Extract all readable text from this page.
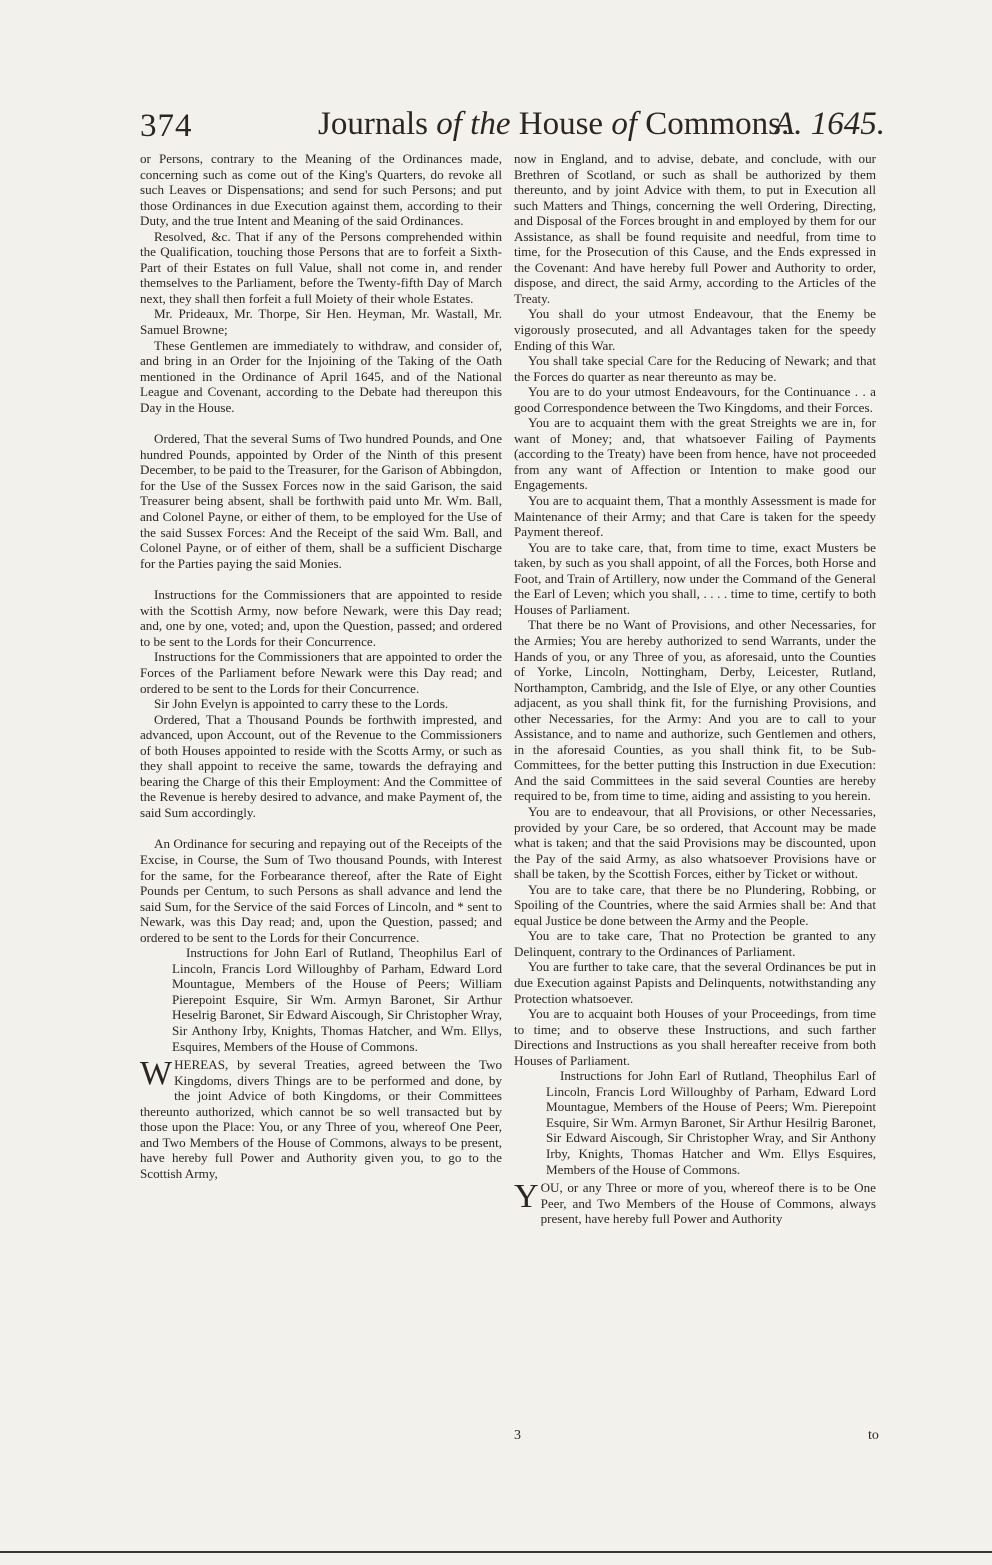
374	Journals of the House of Commons.
A. 1645.

or Persons, contrary to the Meaning of the Ordinances made, concerning such as come out of the King's Quarters, do revoke all such Leaves or Dispensations; and send for such Persons; and put those Ordinances in due Execution against them, according to their Duty, and the true Intent and Meaning of the said Ordinances.

Resolved, &c. That if any of the Persons comprehended within the Qualification, touching those Persons that are to forfeit a Sixth-Part of their Estates on full Value, shall not come in, and render themselves to the Parliament, before the Twenty-fifth Day of March next, they shall then forfeit a full Moiety of their whole Estates.

Mr. Prideaux, Mr. Thorpe, Sir Hen. Heyman, Mr. Wastall, Mr. Samuel Browne;

These Gentlemen are immediately to withdraw, and consider of, and bring in an Order for the Injoining of the Taking of the Oath mentioned in the Ordinance of April 1645, and of the National League and Covenant, according to the Debate had thereupon this Day in the House.

Ordered, That the several Sums of Two hundred Pounds, and One hundred Pounds, appointed by Order of the Ninth of this present December, to be paid to the Treasurer, for the Garison of Abbingdon, for the Use of the Sussex Forces now in the said Garison, the said Treasurer being absent, shall be forthwith paid unto Mr. Wm. Ball, and Colonel Payne, or either of them, to be employed for the Use of the said Sussex Forces: And the Receipt of the said Wm. Ball, and Colonel Payne, or of either of them, shall be a sufficient Discharge for the Parties paying the said Monies.

Instructions for the Commissioners that are appointed to reside with the Scottish Army, now before Newark, were this Day read; and, one by one, voted; and, upon the Question, passed; and ordered to be sent to the Lords for their Concurrence.

Instructions for the Commissioners that are appointed to order the Forces of the Parliament before Newark were this Day read; and ordered to be sent to the Lords for their Concurrence.

Sir John Evelyn is appointed to carry these to the Lords.

Ordered, That a Thousand Pounds be forthwith imprested, and advanced, upon Account, out of the Revenue to the Commissioners of both Houses appointed to reside with the Scotts Army, or such as they shall appoint to receive the same, towards the defraying and bearing the Charge of this their Employment: And the Committee of the Revenue is hereby desired to advance, and make Payment of, the said Sum accordingly.

An Ordinance for securing and repaying out of the Receipts of the Excise, in Course, the Sum of Two thousand Pounds, with Interest for the same, for the Forbearance thereof, after the Rate of Eight Pounds per Centum, to such Persons as shall advance and lend the said Sum, for the Service of the said Forces of Lincoln, and * sent to Newark, was this Day read; and, upon the Question, passed; and ordered to be sent to the Lords for their Concurrence.

Instructions for John Earl of Rutland, Theophilus Earl of Lincoln, Francis Lord Willoughby of Parham, Edward Lord Mountague, Members of the House of Peers; William Pierepoint Esquire, Sir Wm. Armyn Baronet, Sir Arthur Heselrig Baronet, Sir Edward Aiscough, Sir Christopher Wray, Sir Anthony Irby, Knights, Thomas Hatcher, and Wm. Ellys, Esquires, Members of the House of Commons.

WHEREAS, by several Treaties, agreed between the Two Kingdoms, divers Things are to be performed and done, by the joint Advice of both Kingdoms, or their Committees thereunto authorized, which cannot be so well transacted but by those upon the Place: You, or any Three of you, whereof One Peer, and Two Members of the House of Commons, always to be present, have hereby full Power and Authority given you, to go to the Scottish Army,

now in England, and to advise, debate, and conclude, with our Brethren of Scotland, or such as shall be authorized by them thereunto, and by joint Advice with them, to put in Execution all such Matters and Things, concerning the well Ordering, Directing, and Disposal of the Forces brought in and employed by them for our Assistance, as shall be found requisite and needful, from time to time, for the Prosecution of this Cause, and the Ends expressed in the Covenant: And have hereby full Power and Authority to order, dispose, and direct, the said Army, according to the Articles of the Treaty.

You shall do your utmost Endeavour, that the Enemy be vigorously prosecuted, and all Advantages taken for the speedy Ending of this War.

You shall take special Care for the Reducing of Newark; and that the Forces do quarter as near thereunto as may be.

You are to do your utmost Endeavours, for the Continuance . . a good Correspondence between the Two Kingdoms, and their Forces.

You are to acquaint them with the great Streights we are in, for want of Money; and, that whatsoever Failing of Payments (according to the Treaty) have been from hence, have not proceeded from any want of Affection or Intention to make good our Engagements.

You are to acquaint them, That a monthly Assessment is made for Maintenance of their Army; and that Care is taken for the speedy Payment thereof.

You are to take care, that, from time to time, exact Musters be taken, by such as you shall appoint, of all the Forces, both Horse and Foot, and Train of Artillery, now under the Command of the General the Earl of Leven; which you shall, . . . . time to time, certify to both Houses of Parliament.

That there be no Want of Provisions, and other Necessaries, for the Armies; You are hereby authorized to send Warrants, under the Hands of you, or any Three of you, as aforesaid, unto the Counties of Yorke, Lincoln, Nottingham, Derby, Leicester, Rutland, Northampton, Cambridg, and the Isle of Elye, or any other Counties adjacent, as you shall think fit, for the furnishing Provisions, and other Necessaries, for the Army: And you are to call to your Assistance, and to name and authorize, such Gentlemen and others, in the aforesaid Counties, as you shall think fit, to be Sub-Committees, for the better putting this Instruction in due Execution: And the said Committees in the said several Counties are hereby required to be, from time to time, aiding and assisting to you herein.

You are to endeavour, that all Provisions, or other Necessaries, provided by your Care, be so ordered, that Account may be made what is taken; and that the said Provisions may be discounted, upon the Pay of the said Army, as also whatsoever Provisions have or shall be taken, by the Scottish Forces, either by Ticket or without.

You are to take care, that there be no Plundering, Robbing, or Spoiling of the Countries, where the said Armies shall be: And that equal Justice be done between the Army and the People.

You are to take care, That no Protection be granted to any Delinquent, contrary to the Ordinances of Parliament.

You are further to take care, that the several Ordinances be put in due Execution against Papists and Delinquents, notwithstanding any Protection whatsoever.

You are to acquaint both Houses of your Proceedings, from time to time; and to observe these Instructions, and such farther Directions and Instructions as you shall hereafter receive from both Houses of Parliament.

Instructions for John Earl of Rutland, Theophilus Earl of Lincoln, Francis Lord Willoughby of Parham, Edward Lord Mountague, Members of the House of Peers; Wm. Pierepoint Esquire, Sir Wm. Armyn Baronet, Sir Arthur Hesilrig Baronet, Sir Edward Aiscough, Sir Christopher Wray, and Sir Anthony Irby, Knights, Thomas Hatcher and Wm. Ellys Esquires, Members of the House of Commons.

YOU, or any Three or more of you, whereof there is to be One Peer, and Two Members of the House of Commons, always present, have hereby full Power and Authority

3	to
